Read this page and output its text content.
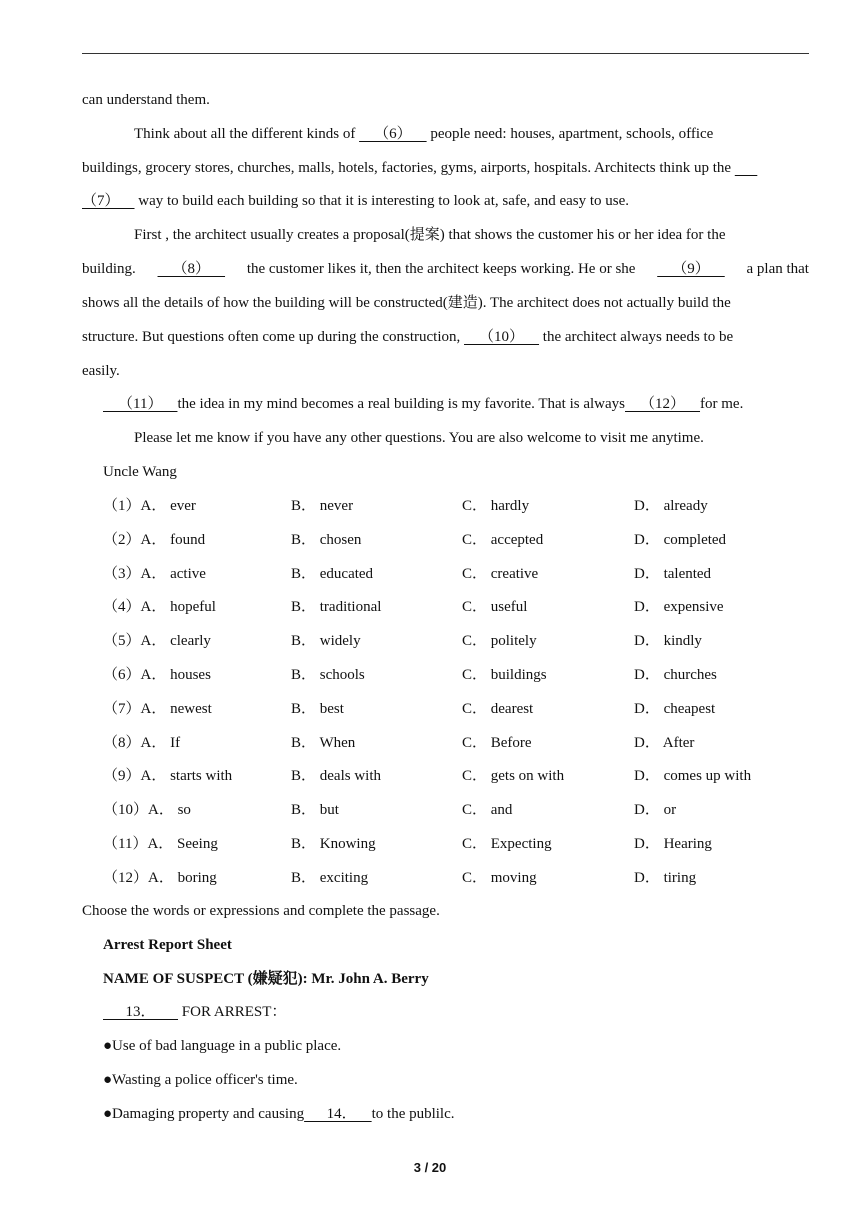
can understand them.
Think about all the different kinds of   （6）   people need: houses, apartment, schools, office
buildings, grocery stores, churches, malls, hotels, factories, gyms, airports, hospitals. Architects think up the    
（7）   way to build each building so that it is interesting to look at, safe, and easy to use.
First , the architect usually creates a proposal(提案) that shows the customer his or her idea for the
building.   （8）   the customer likes it, then the architect keeps working. He or she   （9）   a plan that
shows all the details of how the building will be constructed(建造). The architect does not actually build the
structure. But questions often come up during the construction,   （10）   the architect always needs to be
easily.
  （11）  the idea in my mind becomes a real building is my favorite. That is always  （12）  for me.
Please let me know if you have any other questions. You are also welcome to visit me anytime.
Uncle Wang
（1）A． ever	B． never	C． hardly	D． already
（2）A． found	B． chosen	C． accepted	D． completed
（3）A． active	B． educated	C． creative	D． talented
（4）A． hopeful	B． traditional	C． useful	D． expensive
（5）A． clearly	B． widely	C． politely	D． kindly
（6）A． houses	B． schools	C． buildings	D． churches
（7）A． newest	B． best	C． dearest	D． cheapest
（8）A． If	B． When	C． Before	D． After
（9）A． starts with	B． deals with	C． gets on with	D． comes up with
（10）A． so	B． but	C． and	D． or
（11）A． Seeing	B． Knowing	C． Expecting	D． Hearing
（12）A． boring	B． exciting	C． moving	D． tiring
Choose the words or expressions and complete the passage.
Arrest Report Sheet
NAME OF SUSPECT (嫌疑犯): Mr. John A. Berry
   13．    FOR ARREST：
●Use of bad language in a public place.
●Wasting a police officer's time.
●Damaging property and causing   14．  to the publilc.
3 / 20
